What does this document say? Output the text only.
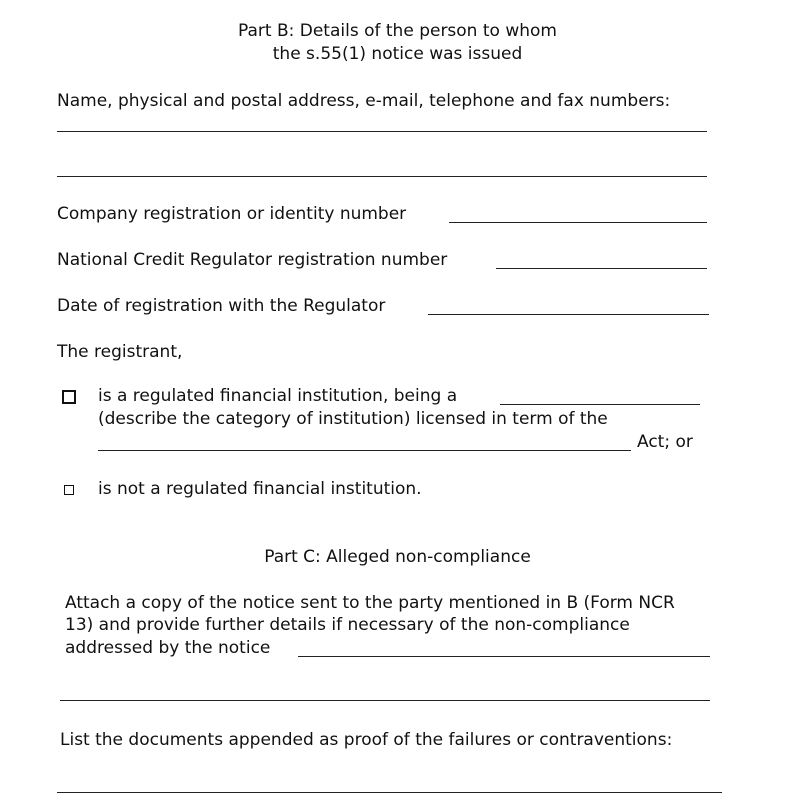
Part B: Details of the person to whom
the s.55(1) notice was issued
Name, physical and postal address, e-mail, telephone and fax numbers:
Company registration or identity number
National Credit Regulator registration number
Date of registration with the Regulator
The registrant,
is a regulated financial institution, being a
(describe the category of institution) licensed in term of the
Act; or
is not a regulated financial institution.
Part C: Alleged non-compliance
Attach a copy of the notice sent to the party mentioned in B (Form NCR
13) and provide further details if necessary of the non-compliance
addressed by the notice
List the documents appended as proof of the failures or contraventions:
